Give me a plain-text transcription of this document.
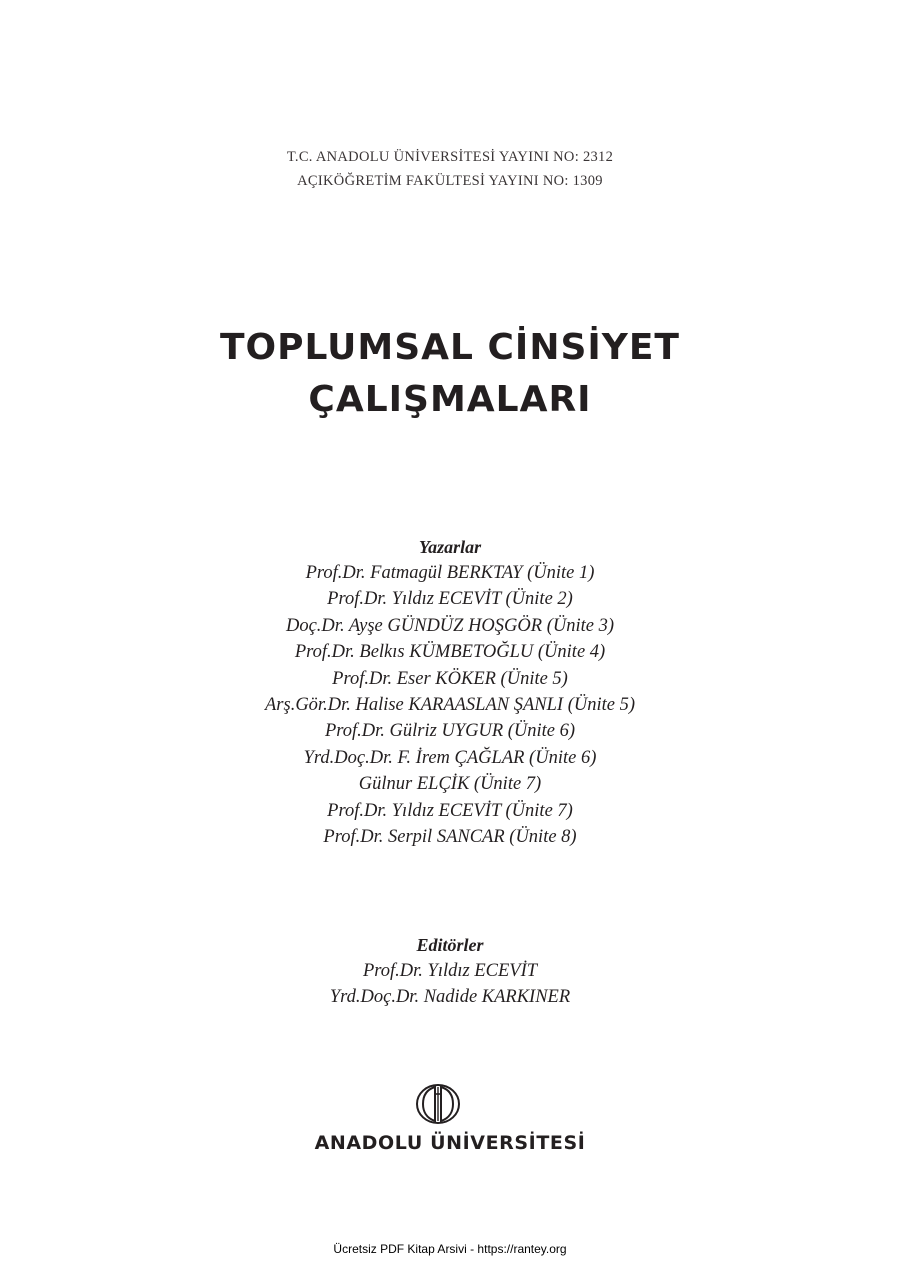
T.C. ANADOLU ÜNİVERSİTESİ YAYINI NO: 2312
AÇIKÖĞRETİM FAKÜLTESİ YAYINI NO: 1309
TOPLUMSAL CİNSİYET
ÇALIŞMALARI
Yazarlar
Prof.Dr. Fatmagül BERKTAY (Ünite 1)
Prof.Dr. Yıldız ECEVİT (Ünite 2)
Doç.Dr. Ayşe GÜNDÜZ HOŞGÖR (Ünite 3)
Prof.Dr. Belkıs KÜMBETOĞLU (Ünite 4)
Prof.Dr. Eser KÖKER (Ünite 5)
Arş.Gör.Dr. Halise KARAASLAN ŞANLI (Ünite 5)
Prof.Dr. Gülriz UYGUR (Ünite 6)
Yrd.Doç.Dr. F. İrem ÇAĞLAR (Ünite 6)
Gülnur ELÇİK (Ünite 7)
Prof.Dr. Yıldız ECEVİT (Ünite 7)
Prof.Dr. Serpil SANCAR (Ünite 8)
Editörler
Prof.Dr. Yıldız ECEVİT
Yrd.Doç.Dr. Nadide KARKINER
ANADOLU ÜNİVERSİTESİ
Ücretsiz PDF Kitap Arsivi - https://rantey.org
